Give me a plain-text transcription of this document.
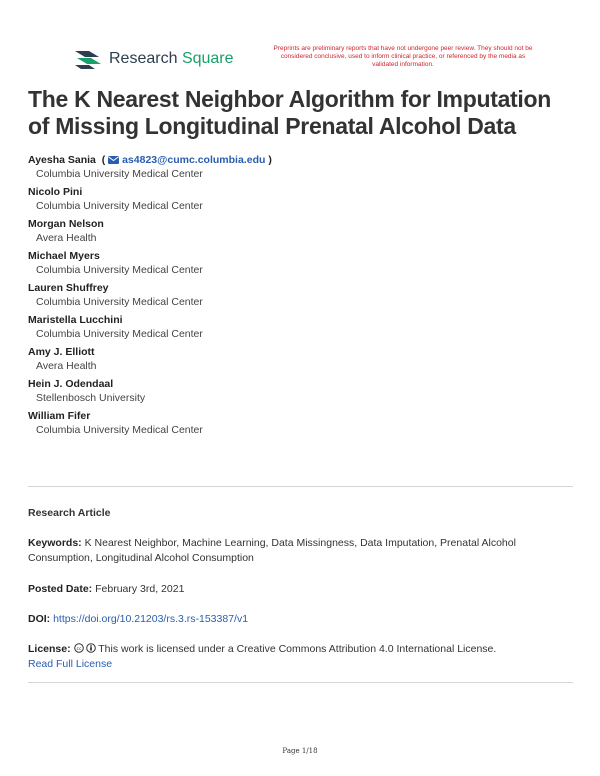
Research Square
Preprints are preliminary reports that have not undergone peer review. They should not be considered conclusive, used to inform clinical practice, or referenced by the media as validated information.
The K Nearest Neighbor Algorithm for Imputation of Missing Longitudinal Prenatal Alcohol Data
Ayesha Sania  (  as4823@cumc.columbia.edu )
Columbia University Medical Center
Nicolo Pini
Columbia University Medical Center
Morgan Nelson
Avera Health
Michael Myers
Columbia University Medical Center
Lauren Shuffrey
Columbia University Medical Center
Maristella Lucchini
Columbia University Medical Center
Amy J. Elliott
Avera Health
Hein J. Odendaal
Stellenbosch University
William Fifer
Columbia University Medical Center
Research Article
Keywords: K Nearest Neighbor, Machine Learning, Data Missingness, Data Imputation, Prenatal Alcohol Consumption, Longitudinal Alcohol Consumption
Posted Date: February 3rd, 2021
DOI: https://doi.org/10.21203/rs.3.rs-153387/v1
License: cc This work is licensed under a Creative Commons Attribution 4.0 International License.
Read Full License
Page 1/18
